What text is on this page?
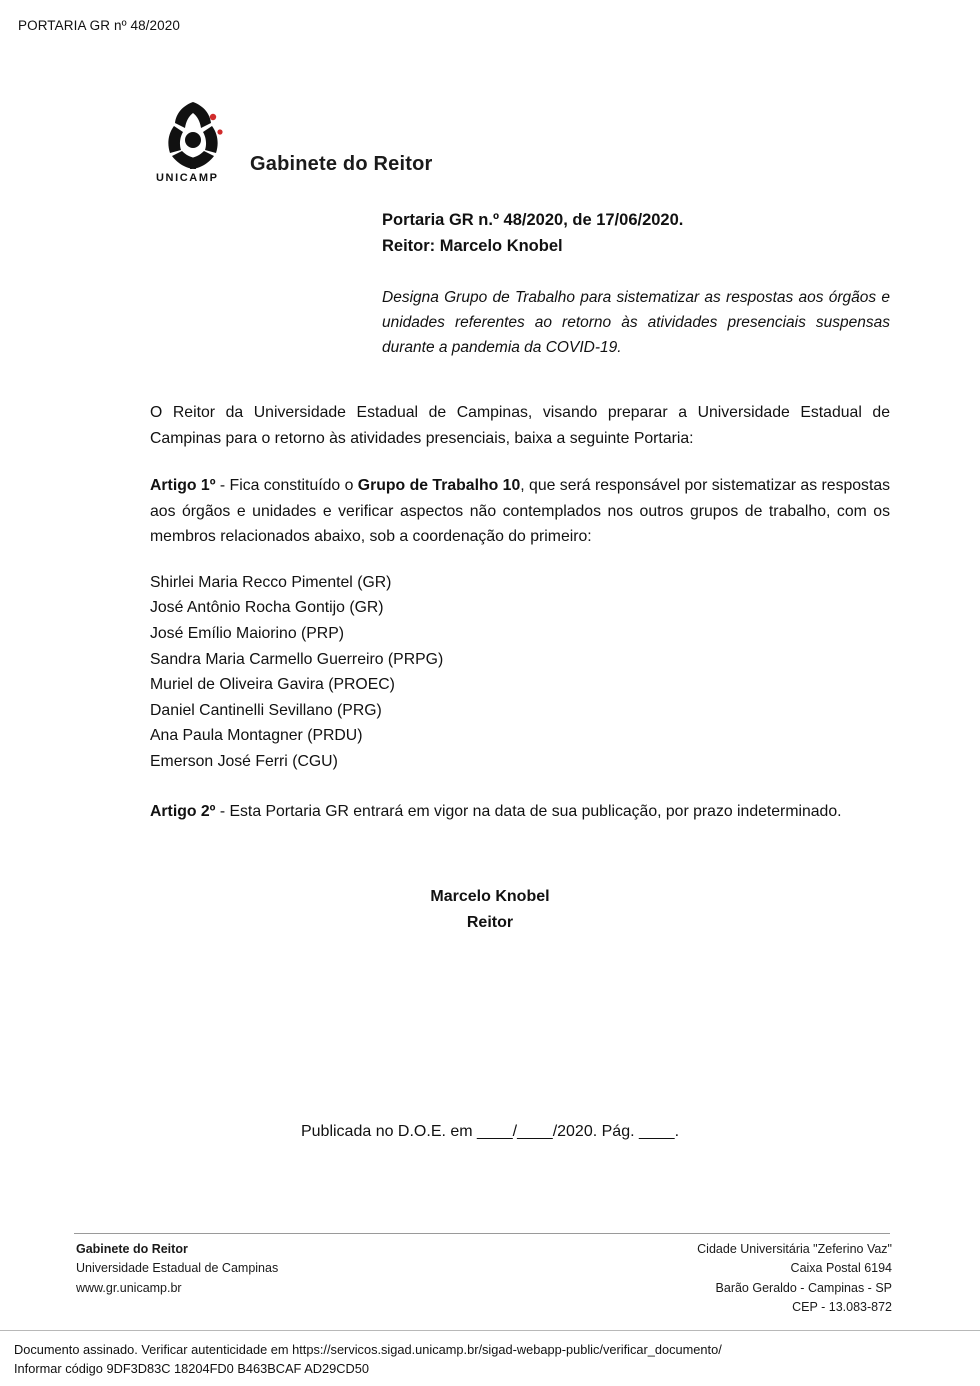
PORTARIA GR nº 48/2020
UNICAMP
Gabinete do Reitor
Portaria GR n.º 48/2020, de 17/06/2020.
Reitor: Marcelo Knobel
Designa Grupo de Trabalho para sistematizar as respostas aos órgãos e unidades referentes ao retorno às atividades presenciais suspensas durante a pandemia da COVID-19.

O Reitor da Universidade Estadual de Campinas, visando preparar a Universidade Estadual de Campinas para o retorno às atividades presenciais, baixa a seguinte Portaria:

Artigo 1º - Fica constituído o Grupo de Trabalho 10, que será responsável por sistematizar as respostas aos órgãos e unidades e verificar aspectos não contemplados nos outros grupos de trabalho, com os membros relacionados abaixo, sob a coordenação do primeiro:

Shirlei Maria Recco Pimentel (GR)
José Antônio Rocha Gontijo (GR)
José Emílio Maiorino (PRP)
Sandra Maria Carmello Guerreiro (PRPG)
Muriel de Oliveira Gavira (PROEC)
Daniel Cantinelli Sevillano (PRG)
Ana Paula Montagner (PRDU)
Emerson José Ferri (CGU)

Artigo 2º - Esta Portaria GR entrará em vigor na data de sua publicação, por prazo indeterminado.

Marcelo Knobel
Reitor
Publicada no D.O.E. em ____/____/2020. Pág. ____.
Gabinete do Reitor
Universidade Estadual de Campinas
www.gr.unicamp.br
Cidade Universitária "Zeferino Vaz"
Caixa Postal 6194
Barão Geraldo - Campinas - SP
CEP - 13.083-872
Documento assinado. Verificar autenticidade em https://servicos.sigad.unicamp.br/sigad-webapp-public/verificar_documento/
Informar código 9DF3D83C 18204FD0 B463BCAF AD29CD50
